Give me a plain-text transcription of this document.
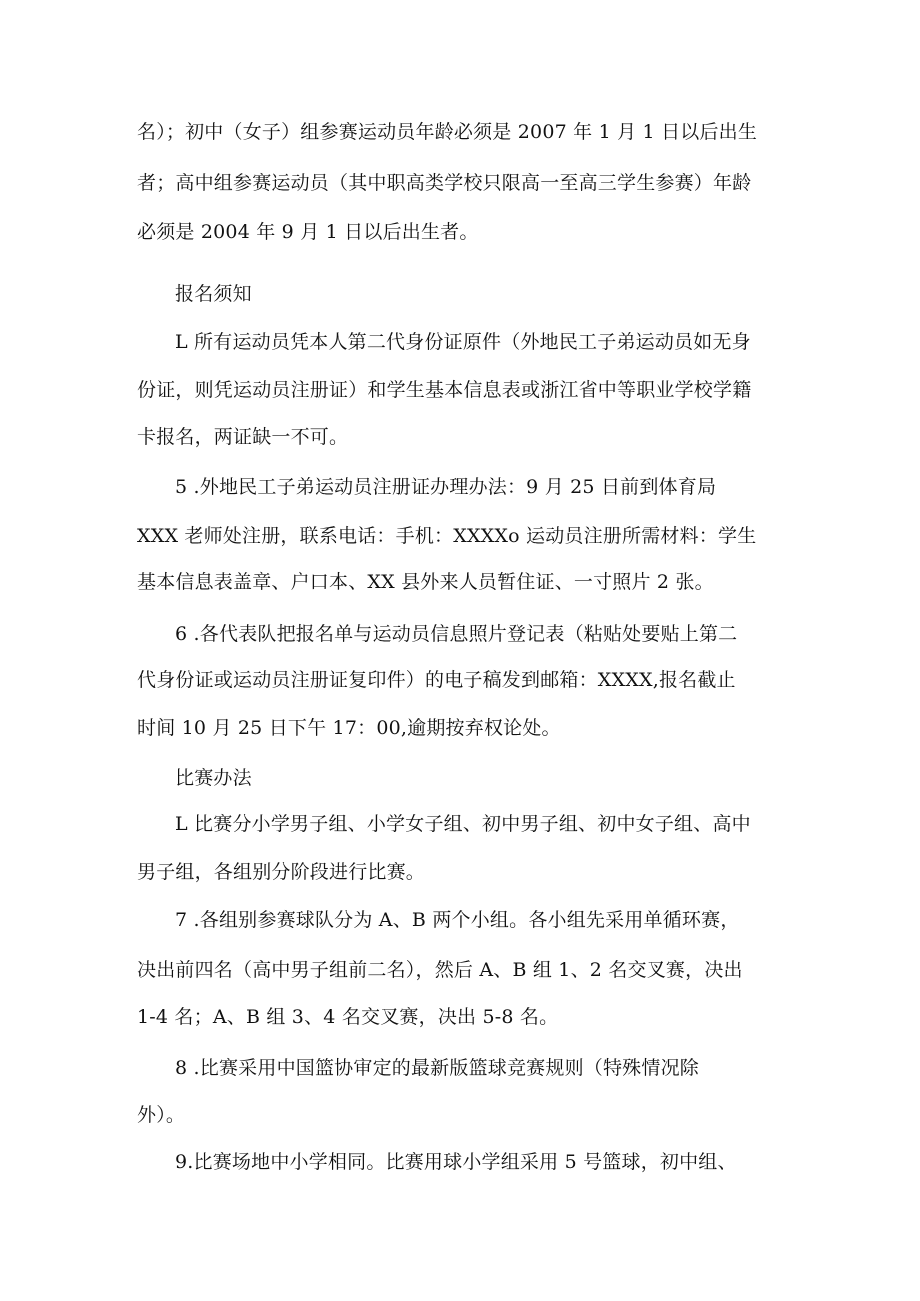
名）；初中（女子）组参赛运动员年龄必须是 2007 年 1 月 1 日以后出生
者；高中组参赛运动员（其中职高类学校只限高一至高三学生参赛）年龄
必须是 2004 年 9 月 1 日以后出生者。
报名须知
L 所有运动员凭本人第二代身份证原件（外地民工子弟运动员如无身
份证，则凭运动员注册证）和学生基本信息表或浙江省中等职业学校学籍
卡报名，两证缺一不可。
5 .外地民工子弟运动员注册证办理办法：9 月 25 日前到体育局
XXX 老师处注册，联系电话：手机：XXXXo 运动员注册所需材料：学生
基本信息表盖章、户口本、XX 县外来人员暂住证、一寸照片 2 张。
6 .各代表队把报名单与运动员信息照片登记表（粘贴处要贴上第二
代身份证或运动员注册证复印件）的电子稿发到邮箱：XXXX,报名截止
时间 10 月 25 日下午 17：00,逾期按弃权论处。
比赛办法
L 比赛分小学男子组、小学女子组、初中男子组、初中女子组、高中
男子组，各组别分阶段进行比赛。
7 .各组别参赛球队分为 A、B 两个小组。各小组先采用单循环赛，
决出前四名（高中男子组前二名），然后 A、B 组 1、2 名交叉赛，决出
1-4 名；A、B 组 3、4 名交叉赛，决出 5-8 名。
8 .比赛采用中国篮协审定的最新版篮球竞赛规则（特殊情况除
外）。
9.比赛场地中小学相同。比赛用球小学组采用 5 号篮球，初中组、
